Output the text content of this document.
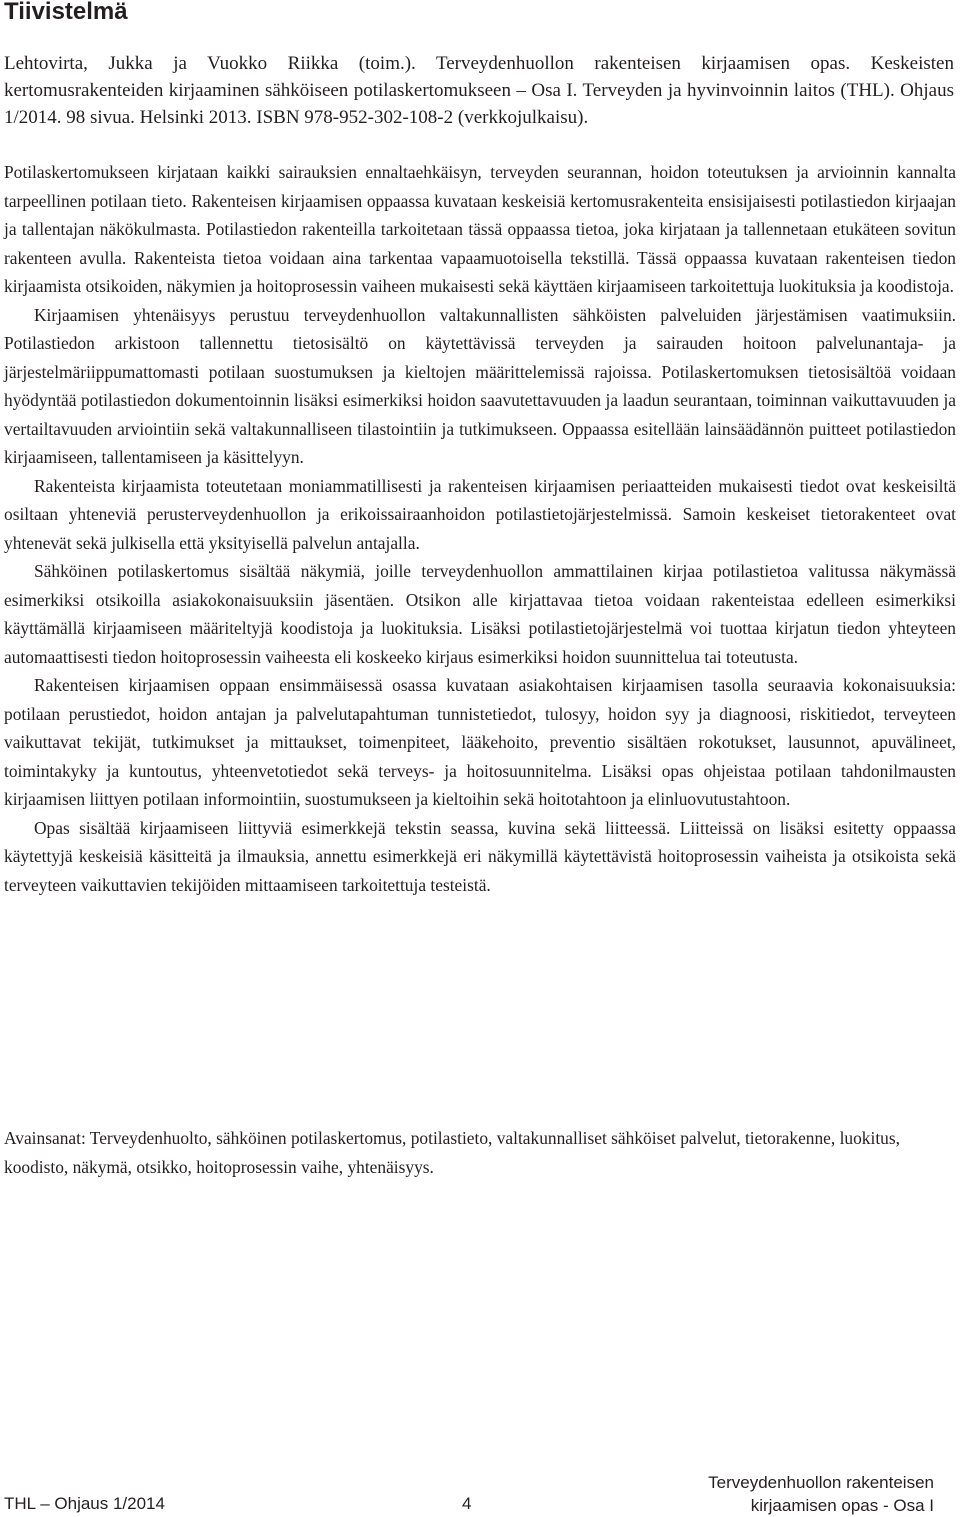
Tiivistelmä

Lehtovirta, Jukka ja Vuokko Riikka (toim.). Terveydenhuollon rakenteisen kirjaamisen opas. Keskeisten kertomusrakenteiden kirjaaminen sähköiseen potilaskertomukseen – Osa I. Terveyden ja hyvinvoinnin laitos (THL). Ohjaus 1/2014. 98 sivua. Helsinki 2013. ISBN 978-952-302-108-2 (verkkojulkaisu).

Potilaskertomukseen kirjataan kaikki sairauksien ennaltaehkäisyn, terveyden seurannan, hoidon toteutuksen ja arvioinnin kannalta tarpeellinen potilaan tieto. Rakenteisen kirjaamisen oppaassa kuvataan keskeisiä kertomusrakenteita ensisijaisesti potilastiedon kirjaajan ja tallentajan näkökulmasta. Potilastiedon rakenteilla tarkoitetaan tässä oppaassa tietoa, joka kirjataan ja tallennetaan etukäteen sovitun rakenteen avulla. Rakenteista tietoa voidaan aina tarkentaa vapaamuotoisella tekstillä. Tässä oppaassa kuvataan rakenteisen tiedon kirjaamista otsikoiden, näkymien ja hoitoprosessin vaiheen mukaisesti sekä käyttäen kirjaamiseen tarkoitettuja luokituksia ja koodistoja.

Kirjaamisen yhtenäisyys perustuu terveydenhuollon valtakunnallisten sähköisten palveluiden järjestämisen vaatimuksiin. Potilastiedon arkistoon tallennettu tietosisältö on käytettävissä terveyden ja sairauden hoitoon palvelunantaja- ja järjestelmäriippumattomasti potilaan suostumuksen ja kieltojen määrittelemissä rajoissa. Potilaskertomuksen tietosisältöä voidaan hyödyntää potilastiedon dokumentoinnin lisäksi esimerkiksi hoidon saavutettavuuden ja laadun seurantaan, toiminnan vaikuttavuuden ja vertailtavuuden arviointiin sekä valtakunnalliseen tilastointiin ja tutkimukseen. Oppaassa esitellään lainsäädännön puitteet potilastiedon kirjaamiseen, tallentamiseen ja käsittelyyn.

Rakenteista kirjaamista toteutetaan moniammatillisesti ja rakenteisen kirjaamisen periaatteiden mukaisesti tiedot ovat keskeisiltä osiltaan yhteneviä perusterveydenhuollon ja erikoissairaanhoidon potilastietojärjestelmissä. Samoin keskeiset tietorakenteet ovat yhtenevät sekä julkisella että yksityisellä palvelun antajalla.

Sähköinen potilaskertomus sisältää näkymiä, joille terveydenhuollon ammattilainen kirjaa potilastietoa valitussa näkymässä esimerkiksi otsikoilla asiakokonaisuuksiin jäsentäen. Otsikon alle kirjattavaa tietoa voidaan rakenteistaa edelleen esimerkiksi käyttämällä kirjaamiseen määriteltyjä koodistoja ja luokituksia. Lisäksi potilastietojärjestelmä voi tuottaa kirjatun tiedon yhteyteen automaattisesti tiedon hoitoprosessin vaiheesta eli koskeeko kirjaus esimerkiksi hoidon suunnittelua tai toteutusta.

Rakenteisen kirjaamisen oppaan ensimmäisessä osassa kuvataan asiakohtaisen kirjaamisen tasolla seuraavia kokonaisuuksia: potilaan perustiedot, hoidon antajan ja palvelutapahtuman tunnistetiedot, tulosyy, hoidon syy ja diagnoosi, riskitiedot, terveyteen vaikuttavat tekijät, tutkimukset ja mittaukset, toimenpiteet, lääkehoito, preventio sisältäen rokotukset, lausunnot, apuvälineet, toimintakyky ja kuntoutus, yhteenvetotiedot sekä terveys- ja hoitosuunnitelma. Lisäksi opas ohjeistaa potilaan tahdonilmausten kirjaamisen liittyen potilaan informointiin, suostumukseen ja kieltoihin sekä hoitotahtoon ja elinluovutustahtoon.

Opas sisältää kirjaamiseen liittyviä esimerkkejä tekstin seassa, kuvina sekä liitteessä. Liitteissä on lisäksi esitetty oppaassa käytettyjä keskeisiä käsitteitä ja ilmauksia, annettu esimerkkejä eri näkymillä käytettävistä hoitoprosessin vaiheista ja otsikoista sekä terveyteen vaikuttavien tekijöiden mittaamiseen tarkoitettuja testeistä.

Avainsanat: Terveydenhuolto, sähköinen potilaskertomus, potilastieto, valtakunnalliset sähköiset palvelut, tietorakenne, luokitus, koodisto, näkymä, otsikko, hoitoprosessin vaihe, yhtenäisyys.

THL – Ohjaus 1/2014	4
Terveydenhuollon rakenteisen
kirjaamisen opas - Osa I
